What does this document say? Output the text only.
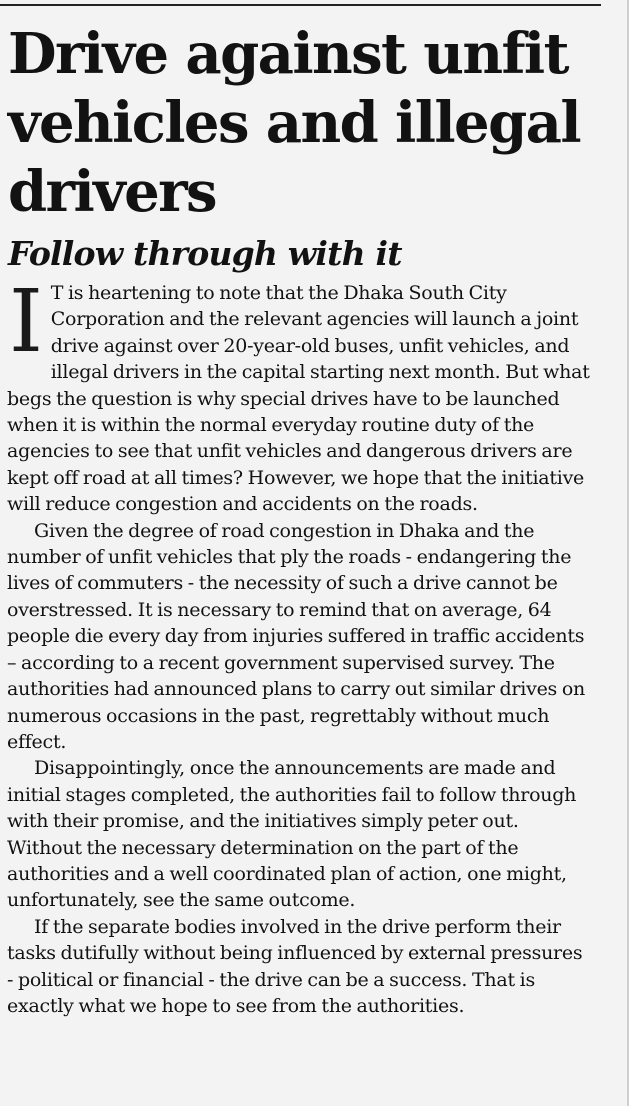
Drive against unfit vehicles and illegal drivers
Follow through with it

I T is heartening to note that the Dhaka South City Corporation and the relevant agencies will launch a joint drive against over 20-year-old buses, unfit vehicles, and illegal drivers in the capital starting next month. But what begs the question is why special drives have to be launched when it is within the normal everyday routine duty of the agencies to see that unfit vehicles and dangerous drivers are kept off road at all times? However, we hope that the initiative will reduce congestion and accidents on the roads.

Given the degree of road congestion in Dhaka and the number of unfit vehicles that ply the roads - endangering the lives of commuters - the necessity of such a drive cannot be overstressed. It is necessary to remind that on average, 64 people die every day from injuries suffered in traffic accidents – according to a recent government supervised survey. The authorities had announced plans to carry out similar drives on numerous occasions in the past, regrettably without much effect.

Disappointingly, once the announcements are made and initial stages completed, the authorities fail to follow through with their promise, and the initiatives simply peter out. Without the necessary determination on the part of the authorities and a well coordinated plan of action, one might, unfortunately, see the same outcome.

If the separate bodies involved in the drive perform their tasks dutifully without being influenced by external pressures - political or financial - the drive can be a success. That is exactly what we hope to see from the authorities.
